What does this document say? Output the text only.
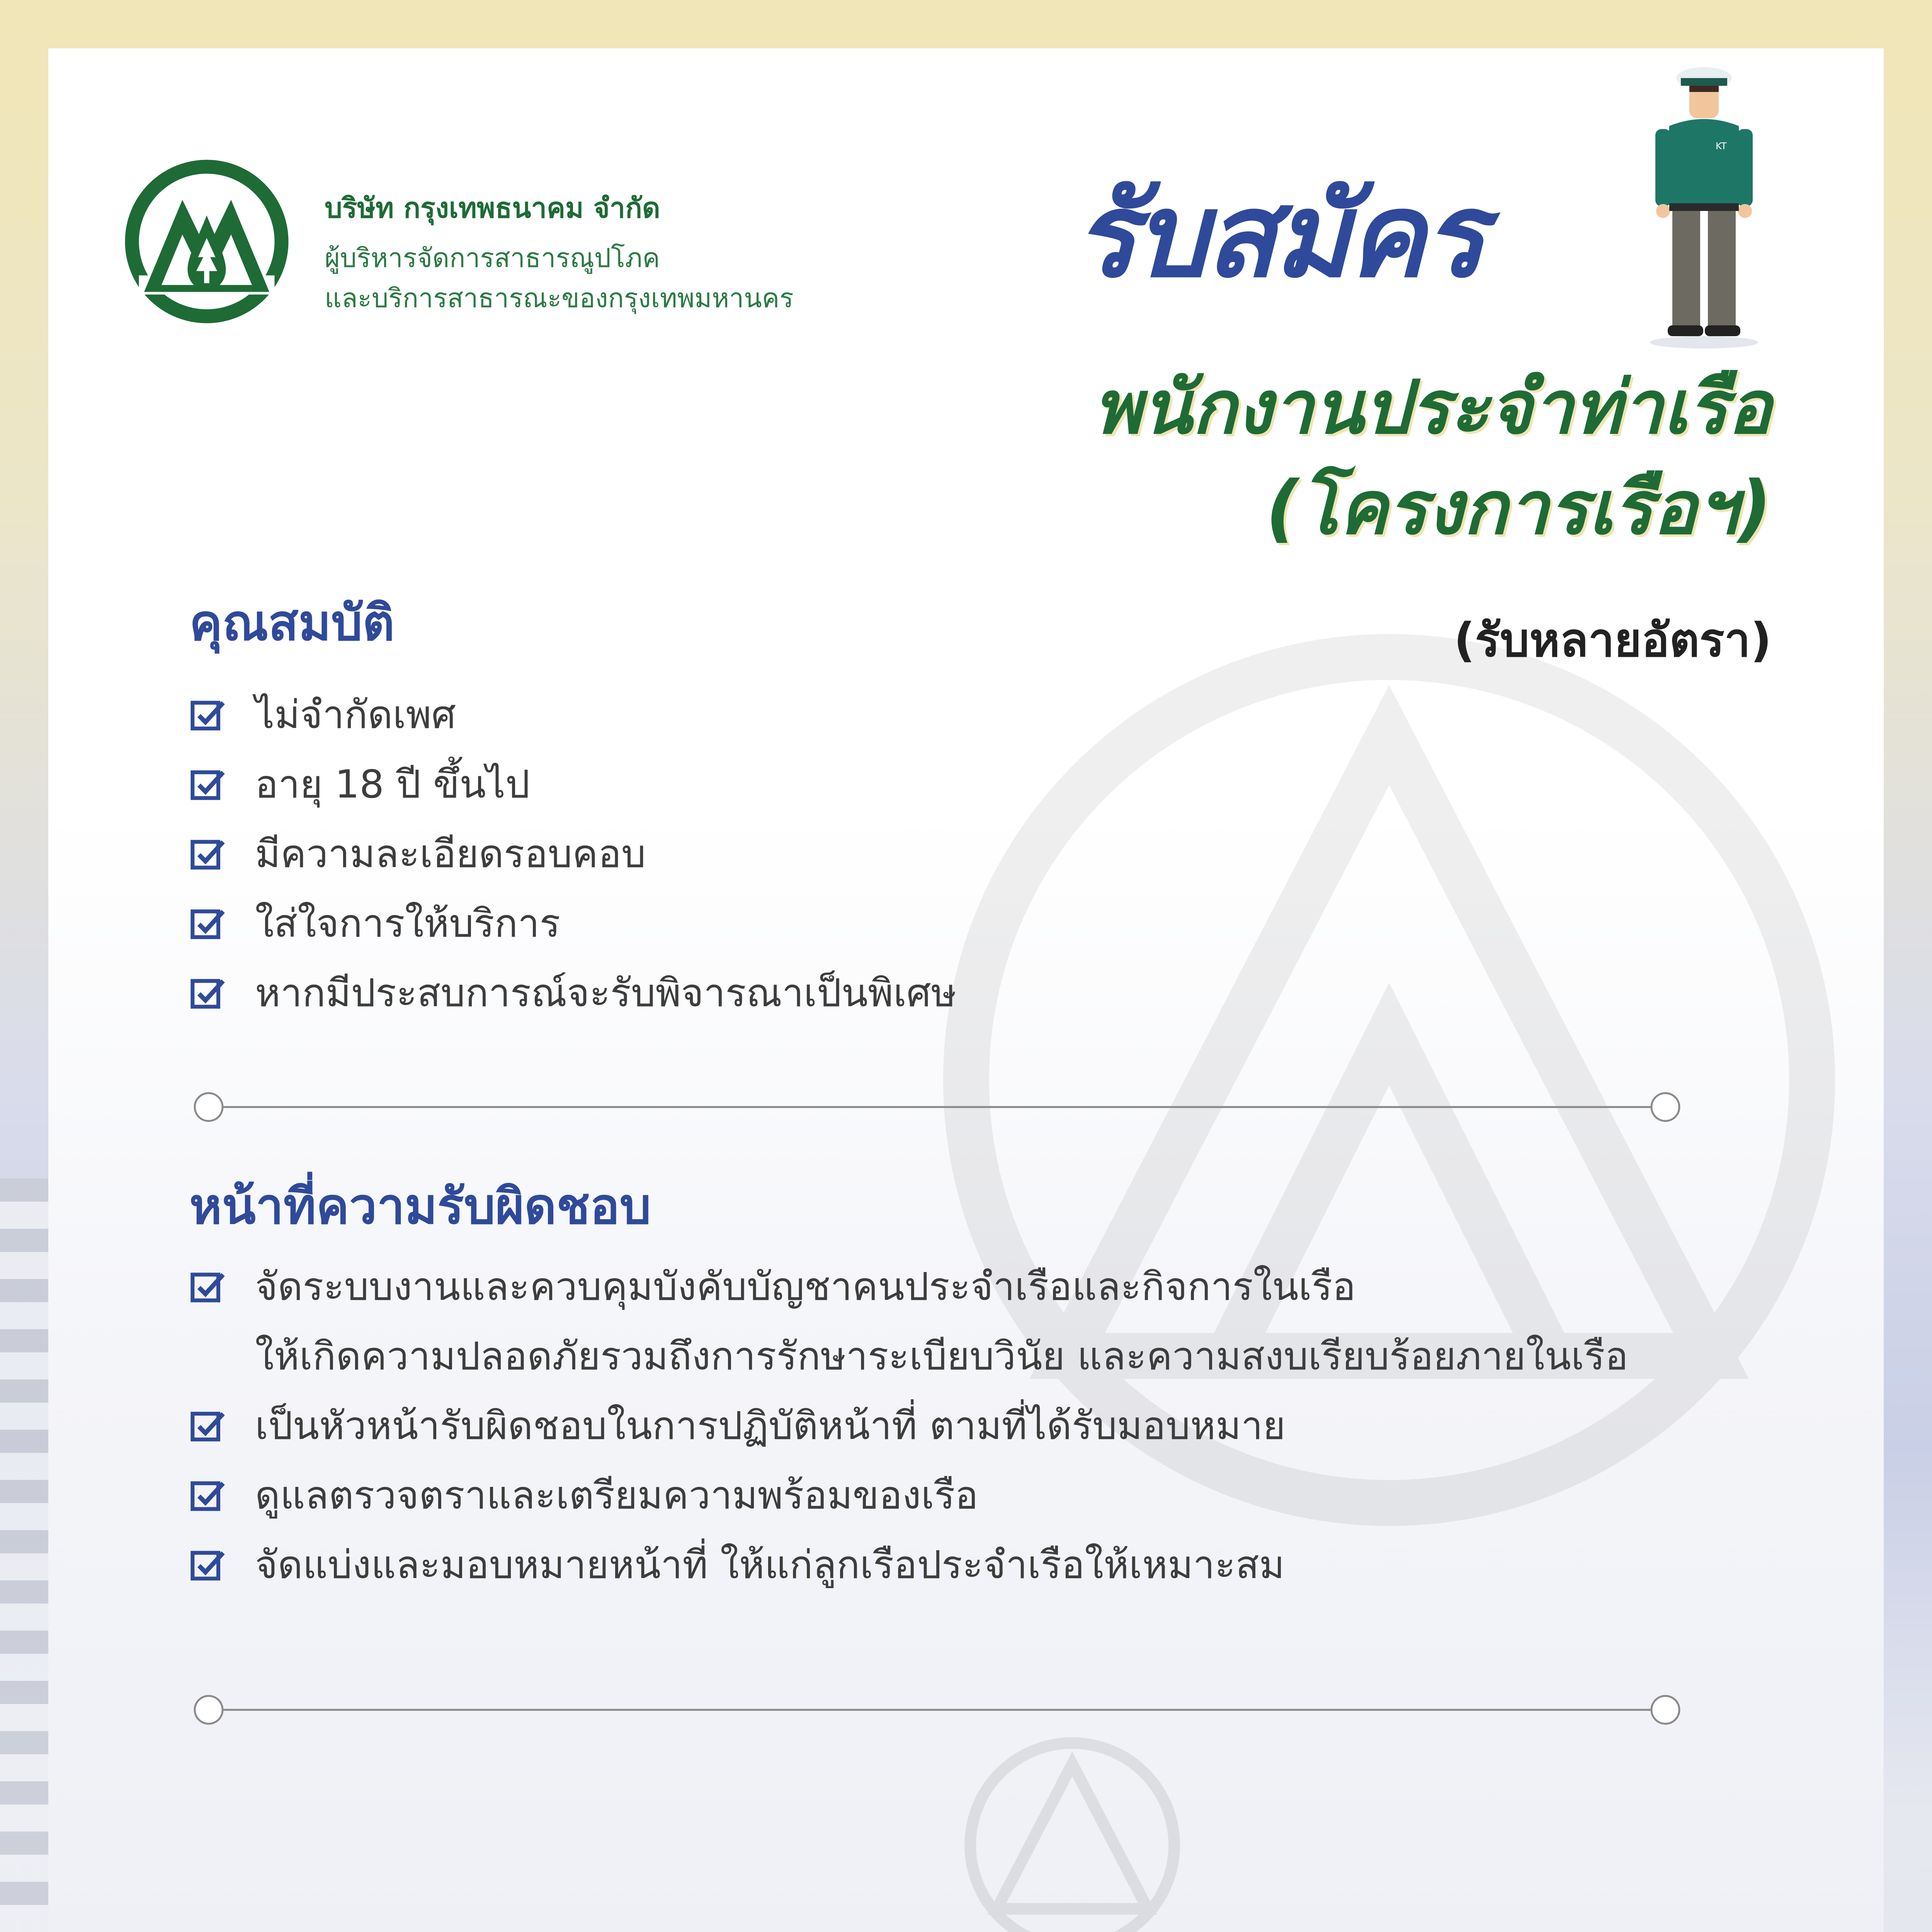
บริษัท กรุงเทพธนาคม จำกัด
ผู้บริหารจัดการสาธารณูปโภค
และบริการสาธารณะของกรุงเทพมหานคร
KT
รับสมัคร
พนักงานประจำท่าเรือ
(โครงการเรือฯ)
(รับหลายอัตรา)
คุณสมบัติ
ไม่จำกัดเพศ
อายุ 18 ปี ขึ้นไป
มีความละเอียดรอบคอบ
ใส่ใจการให้บริการ
หากมีประสบการณ์จะรับพิจารณาเป็นพิเศษ
หน้าที่ความรับผิดชอบ
จัดระบบงานและควบคุมบังคับบัญชาคนประจำเรือและกิจการในเรือ
ให้เกิดความปลอดภัยรวมถึงการรักษาระเบียบวินัย และความสงบเรียบร้อยภายในเรือ
เป็นหัวหน้ารับผิดชอบในการปฏิบัติหน้าที่ ตามที่ได้รับมอบหมาย
ดูแลตรวจตราและเตรียมความพร้อมของเรือ
จัดแบ่งและมอบหมายหน้าที่ ให้แก่ลูกเรือประจำเรือให้เหมาะสม
